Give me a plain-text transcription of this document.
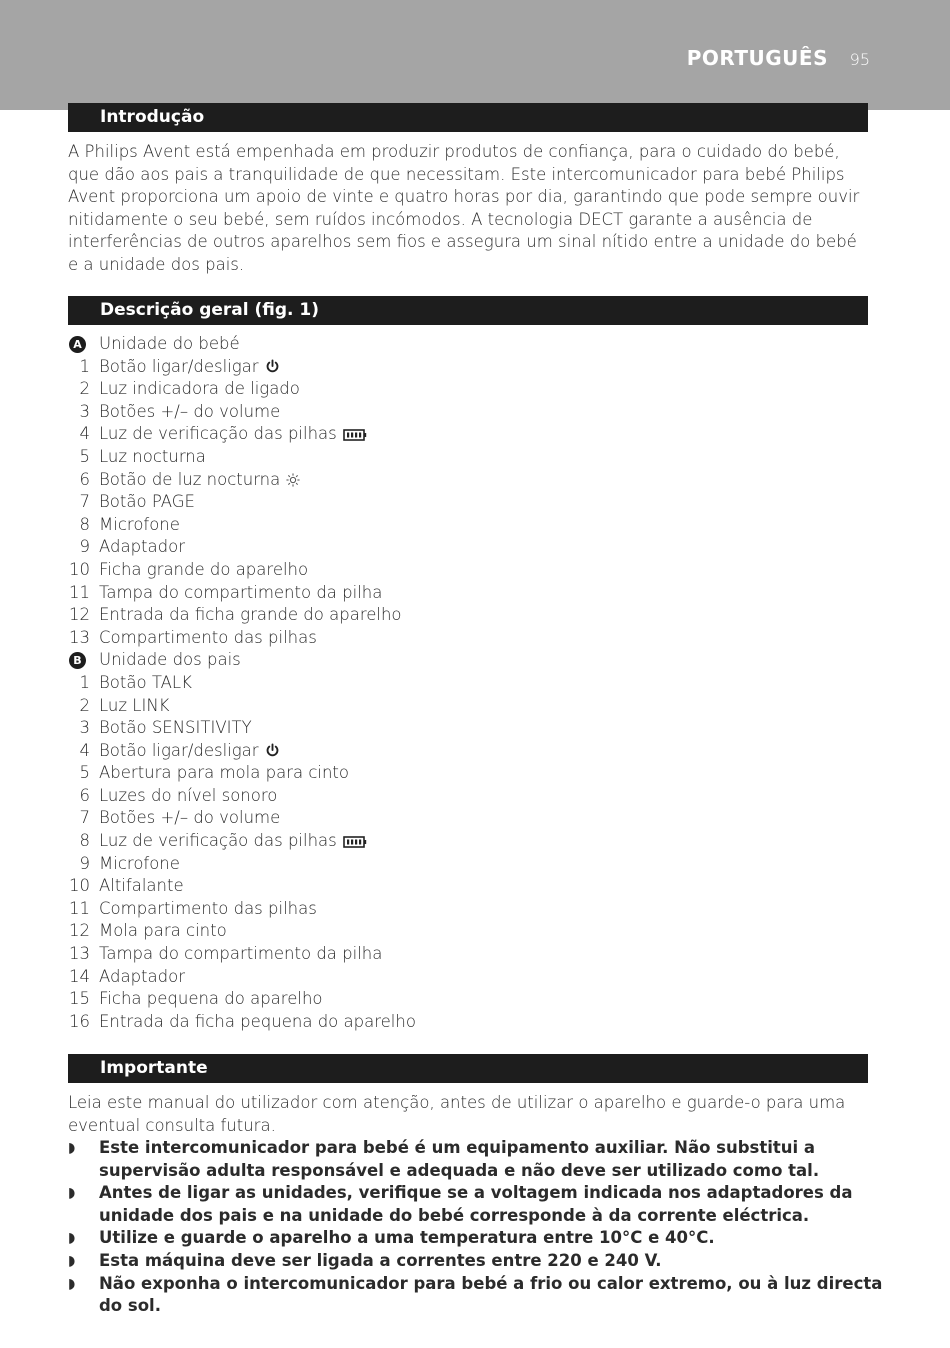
PORTUGUÊS 95
Introdução
A Philips Avent está empenhada em produzir produtos de confiança, para o cuidado do bebé, que dão aos pais a tranquilidade de que necessitam. Este intercomunicador para bebé Philips Avent proporciona um apoio de vinte e quatro horas por dia, garantindo que pode sempre ouvir nitidamente o seu bebé, sem ruídos incómodos. A tecnologia DECT garante a ausência de interferências de outros aparelhos sem fios e assegura um sinal nítido entre a unidade do bebé e a unidade dos pais.
Descrição geral (fig. 1)
A Unidade do bebé
1 Botão ligar/desligar
2 Luz indicadora de ligado
3 Botões +/– do volume
4 Luz de verificação das pilhas
5 Luz nocturna
6 Botão de luz nocturna
7 Botão PAGE
8 Microfone
9 Adaptador
10 Ficha grande do aparelho
11 Tampa do compartimento da pilha
12 Entrada da ficha grande do aparelho
13 Compartimento das pilhas
B Unidade dos pais
1 Botão TALK
2 Luz LINK
3 Botão SENSITIVITY
4 Botão ligar/desligar
5 Abertura para mola para cinto
6 Luzes do nível sonoro
7 Botões +/– do volume
8 Luz de verificação das pilhas
9 Microfone
10 Altifalante
11 Compartimento das pilhas
12 Mola para cinto
13 Tampa do compartimento da pilha
14 Adaptador
15 Ficha pequena do aparelho
16 Entrada da ficha pequena do aparelho
Importante
Leia este manual do utilizador com atenção, antes de utilizar o aparelho e guarde-o para uma eventual consulta futura.
◗ Este intercomunicador para bebé é um equipamento auxiliar. Não substitui a supervisão adulta responsável e adequada e não deve ser utilizado como tal.
◗ Antes de ligar as unidades, verifique se a voltagem indicada nos adaptadores da unidade dos pais e na unidade do bebé corresponde à da corrente eléctrica.
◗ Utilize e guarde o aparelho a uma temperatura entre 10°C e 40°C.
◗ Esta máquina deve ser ligada a correntes entre 220 e 240 V.
◗ Não exponha o intercomunicador para bebé a frio ou calor extremo, ou à luz directa do sol.
